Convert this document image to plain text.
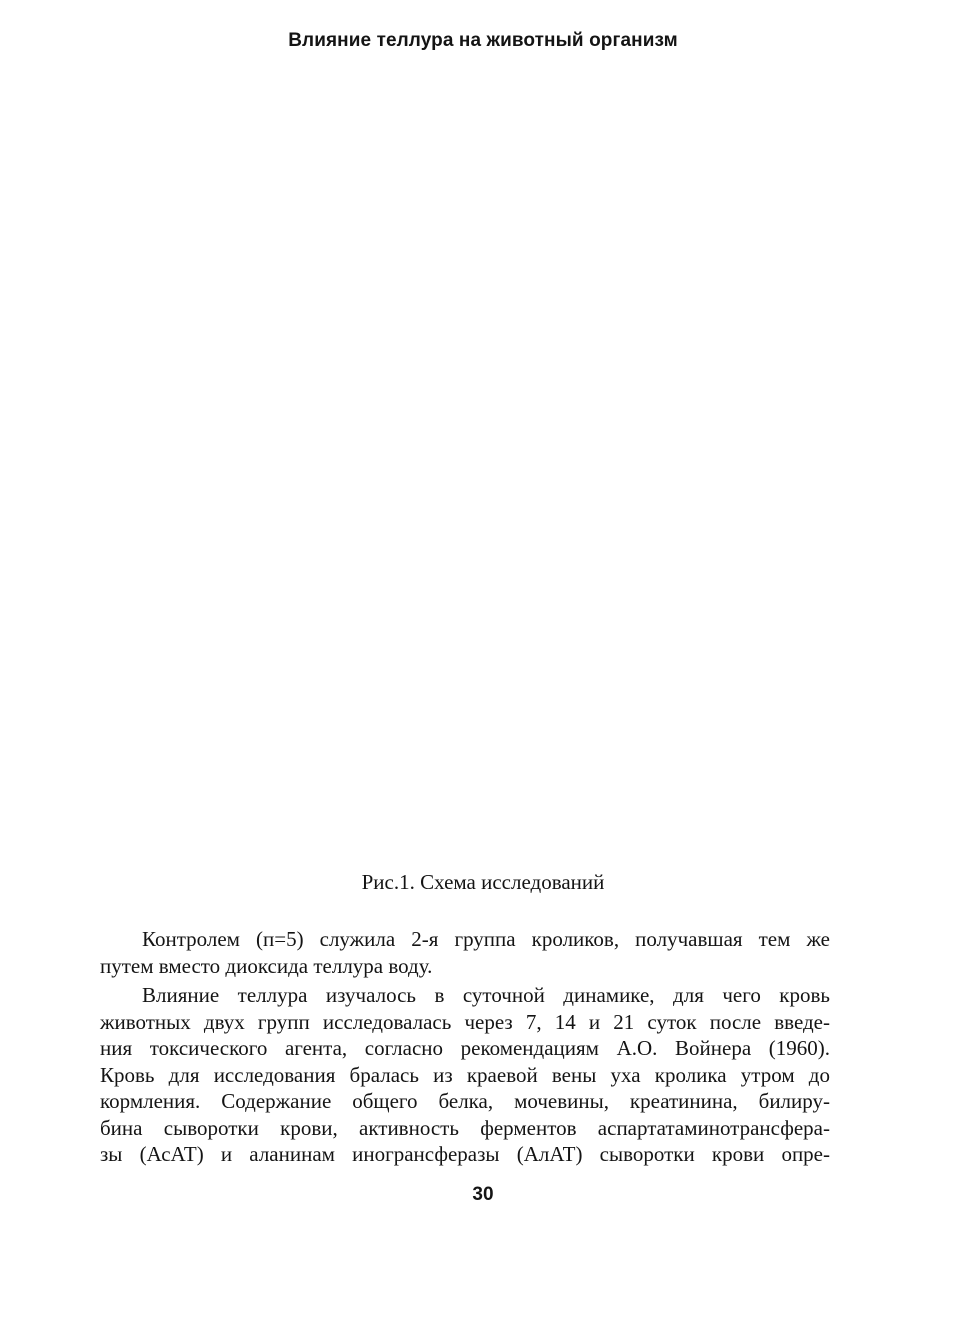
Влияние теллура на животный организм
Рис.1. Схема исследований

Контролем (п=5) служила 2-я группа кроликов, получавшая тем же
путем вместо диоксида теллура воду.

Влияние теллура изучалось в суточной динамике, для чего кровь
животных двух групп исследовалась через 7, 14 и 21 суток после введе-
ния токсического агента, согласно рекомендациям А.О. Войнера (1960).
Кровь для исследования бралась из краевой вены уха кролика утром до
кормления. Содержание общего белка, мочевины, креатинина, билиру-
бина сыворотки крови, активность ферментов аспартатаминотрансфера-
зы (АсАТ) и аланинам иногрансферазы (АлАТ) сыворотки крови опре-

30
